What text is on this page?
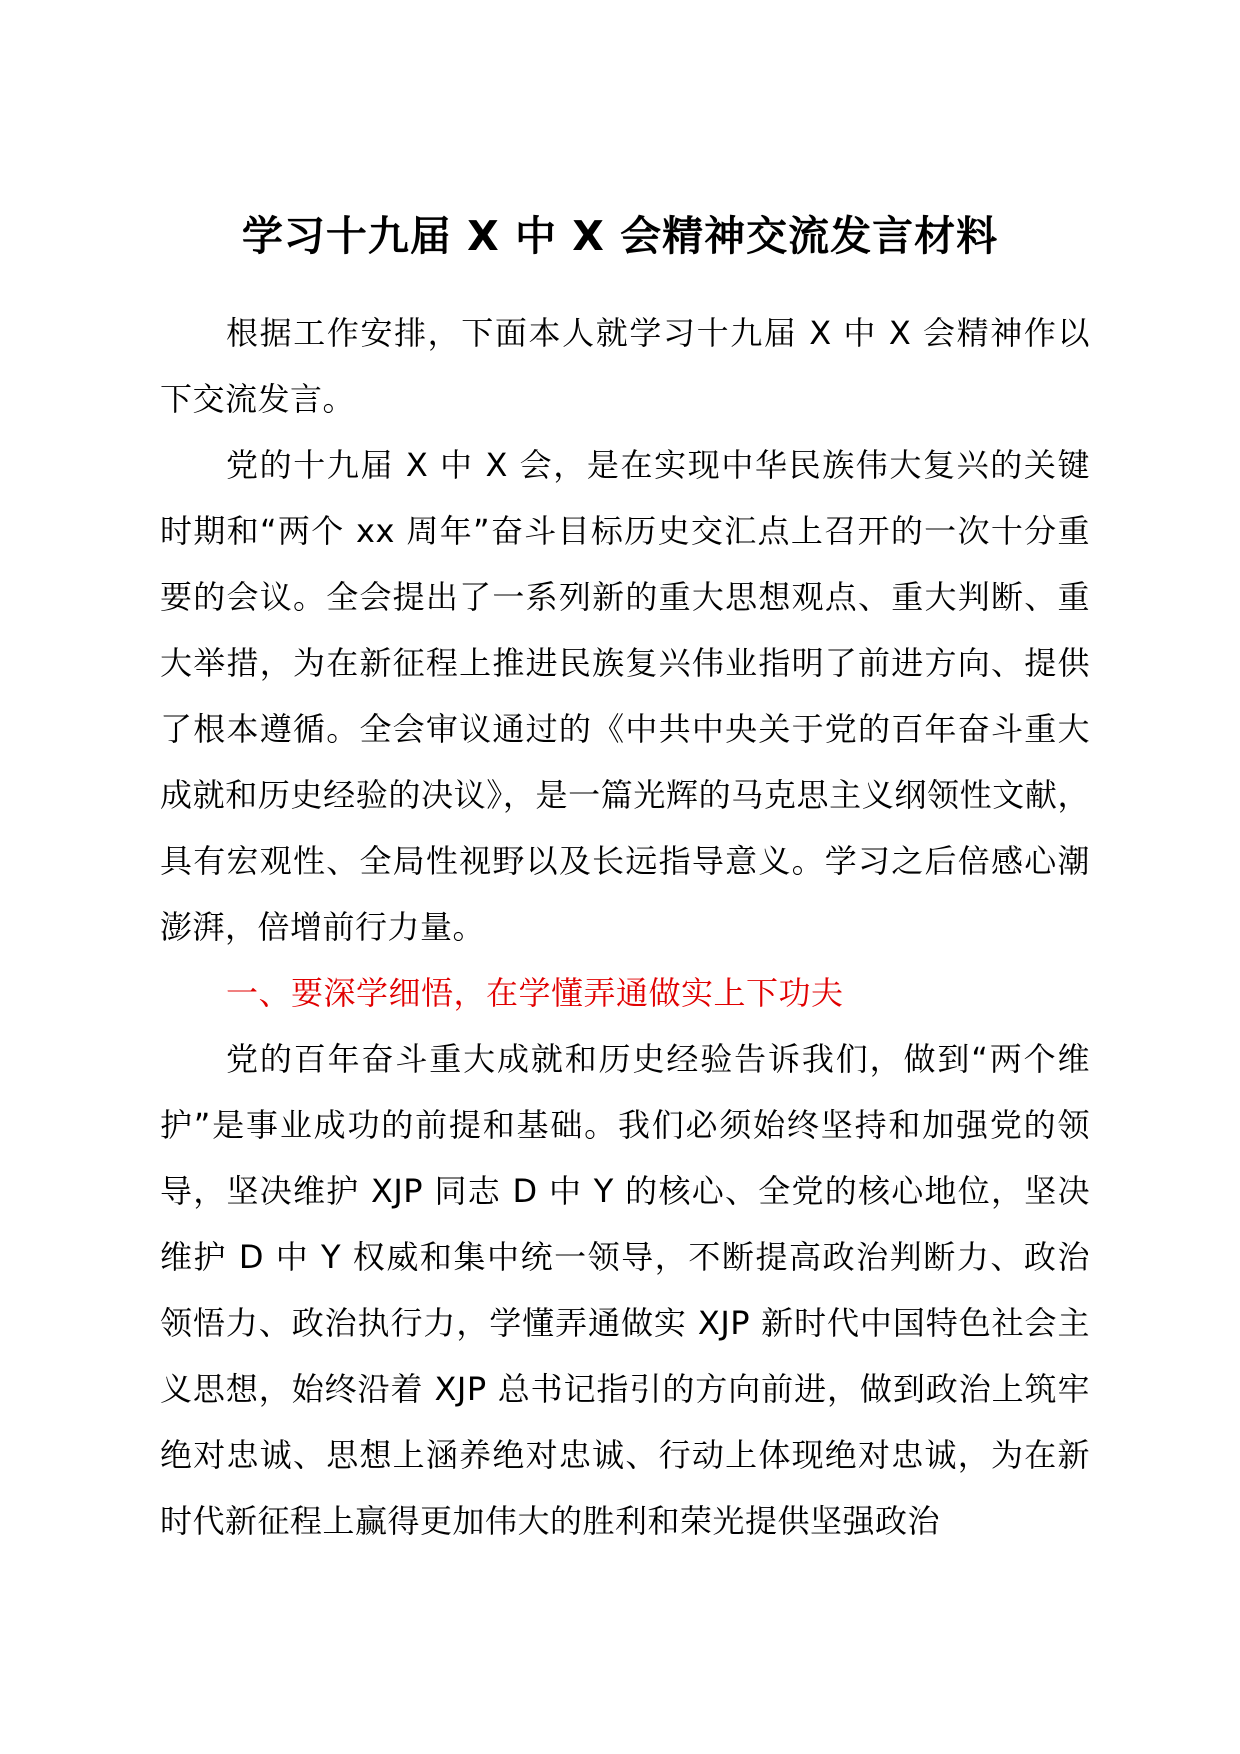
学习十九届 X 中 X 会精神交流发言材料

根据工作安排，下面本人就学习十九届 X 中 X 会精神作以下交流发言。

党的十九届 X 中 X 会，是在实现中华民族伟大复兴的关键时期和“两个 xx 周年”奋斗目标历史交汇点上召开的一次十分重要的会议。全会提出了一系列新的重大思想观点、重大判断、重大举措，为在新征程上推进民族复兴伟业指明了前进方向、提供了根本遵循。全会审议通过的《中共中央关于党的百年奋斗重大成就和历史经验的决议》，是一篇光辉的马克思主义纲领性文献，具有宏观性、全局性视野以及长远指导意义。学习之后倍感心潮澎湃，倍增前行力量。

一、要深学细悟，在学懂弄通做实上下功夫

党的百年奋斗重大成就和历史经验告诉我们，做到“两个维护”是事业成功的前提和基础。我们必须始终坚持和加强党的领导，坚决维护 XJP 同志 D 中 Y 的核心、全党的核心地位，坚决维护 D 中 Y 权威和集中统一领导，不断提高政治判断力、政治领悟力、政治执行力，学懂弄通做实 XJP 新时代中国特色社会主义思想，始终沿着 XJP 总书记指引的方向前进，做到政治上筑牢绝对忠诚、思想上涵养绝对忠诚、行动上体现绝对忠诚，为在新时代新征程上赢得更加伟大的胜利和荣光提供坚强政治
